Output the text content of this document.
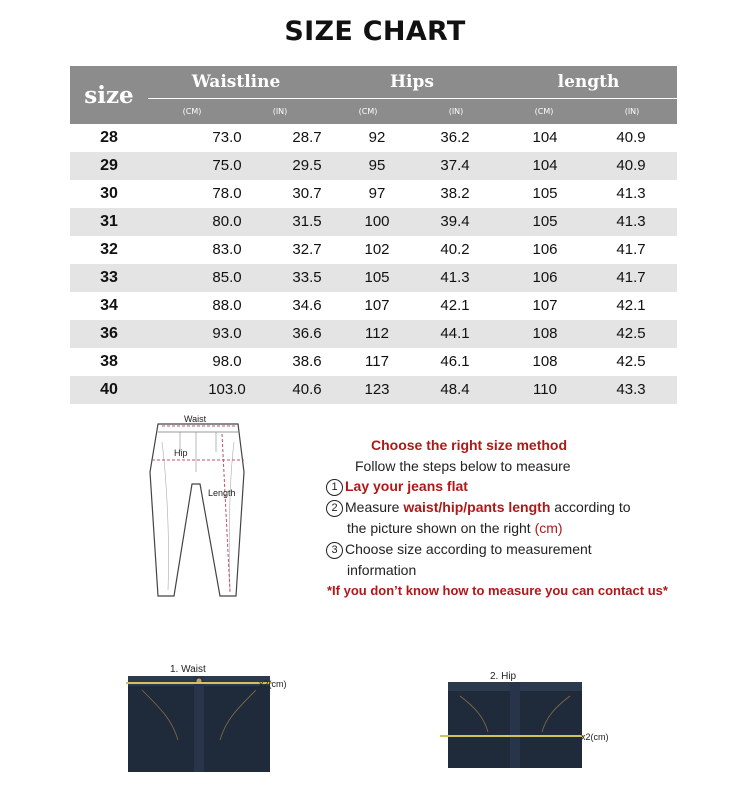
SIZE CHART
size	Waistline	Hips	length
(CM)	(IN)	(CM)	(IN)	(CM)	(IN)
28	73.0	28.7	92	36.2	104	40.9
29	75.0	29.5	95	37.4	104	40.9
30	78.0	30.7	97	38.2	105	41.3
31	80.0	31.5	100	39.4	105	41.3
32	83.0	32.7	102	40.2	106	41.7
33	85.0	33.5	105	41.3	106	41.7
34	88.0	34.6	107	42.1	107	42.1
36	93.0	36.6	112	44.1	108	42.5
38	98.0	38.6	117	46.1	108	42.5
40	103.0	40.6	123	48.4	110	43.3
Waist
Hip
Length
Choose the right size method
Follow the steps below to measure
1 Lay your jeans flat
2 Measure waist/hip/pants length according to
the picture shown on the right (cm)
3 Choose size according to measurement
information
*If you don’t know how to measure you can contact us*
1. Waist
x2(cm)
2. Hip
x2(cm)
